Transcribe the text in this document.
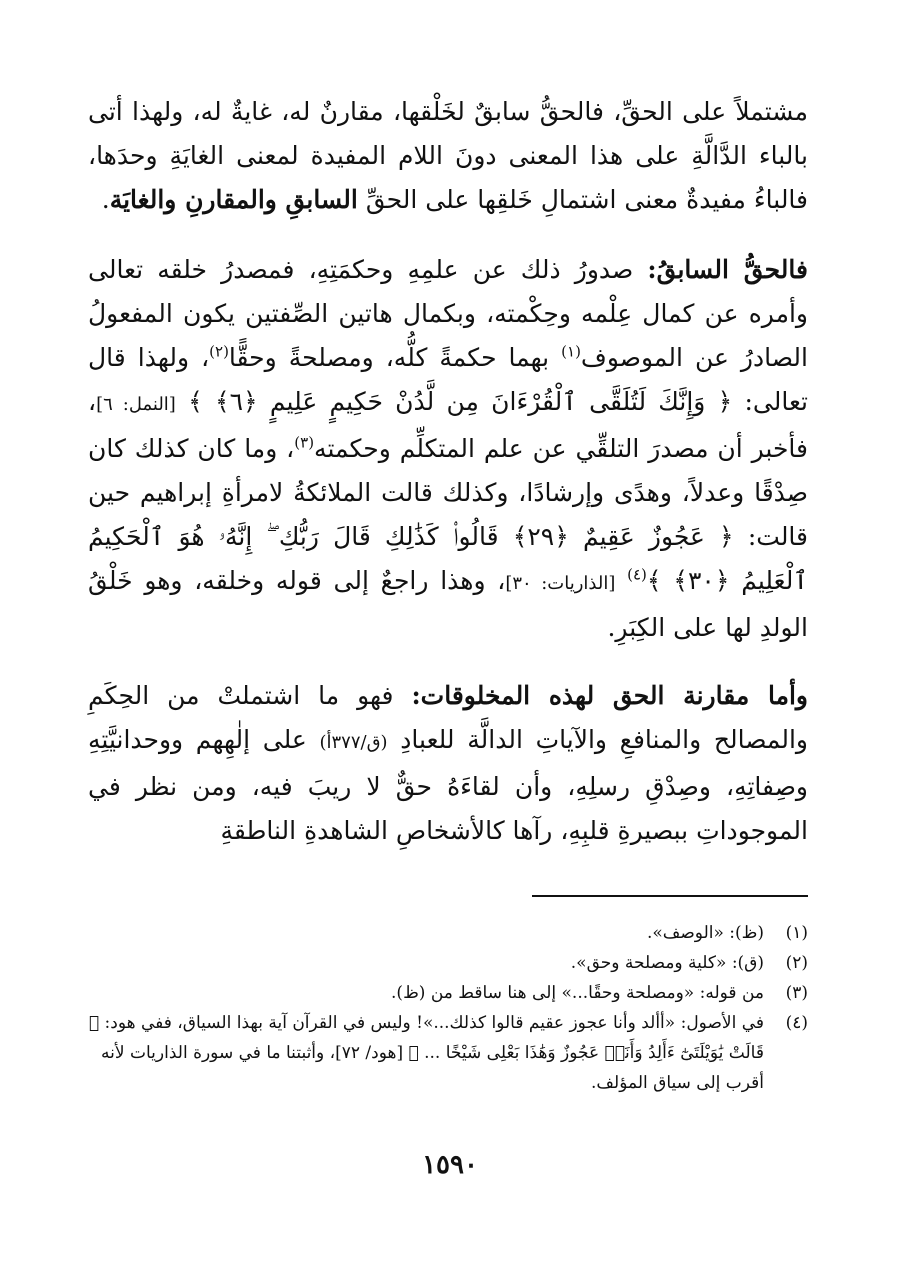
مشتملاً على الحقِّ، فالحقُّ سابقٌ لخَلْقها، مقارنٌ له، غايةٌ له، ولهذا أتى بالباء الدَّالَّةِ على هذا المعنى دونَ اللام المفيدة لمعنى الغايَةِ وحدَها، فالباءُ مفيدةٌ معنى اشتمالِ خَلقِها على الحقِّ السابقِ والمقارنِ والغايَة.

فالحقُّ السابقُ: صدورُ ذلك عن علمِهِ وحكمَتِهِ، فمصدرُ خلقه تعالى وأمره عن كمال عِلْمه وحِكْمته، وبكمال هاتين الصِّفتين يكون المفعولُ الصادرُ عن الموصوف$^{(١)}$ بهما حكمةً كلُّه، ومصلحةً وحقًّا$^{(٢)}$، ولهذا قال تعالى: ﴿ وَإِنَّكَ لَتُلَقَّى ٱلْقُرْءَانَ مِن لَّدُنْ حَكِيمٍ عَلِيمٍ ﴿٦﴾ ﴾ [النمل: ٦]، فأخبر أن مصدرَ التلقِّي عن علم المتكلِّم وحكمته$^{(٣)}$، وما كان كذلك كان صِدْقًا وعدلاً، وهدًى وإرشادًا، وكذلك قالت الملائكةُ لامرأةِ إبراهيم حين قالت: ﴿ عَجُوزٌ عَقِيمٌ ﴿٢٩﴾ قَالُوا۟ كَذَٰلِكِ قَالَ رَبُّكِ ۖ إِنَّهُۥ هُوَ ٱلْحَكِيمُ ٱلْعَلِيمُ ﴿٣٠﴾ ﴾$^{(٤)}$ [الذاريات: ٣٠]، وهذا راجعٌ إلى قوله وخلقه، وهو خَلْقُ الولدِ لها على الكِبَرِ.

وأما مقارنة الحق لهذه المخلوقات: فهو ما اشتملتْ من الحِكَمِ والمصالح والمنافعِ والآياتِ الدالَّة للعبادِ (ق/٣٧٧أ) على إلٰهِهم ووحدانيَّتِهِ وصِفاتِهِ، وصِدْقِ رسلِهِ، وأن لقاءَهُ حقٌّ لا ريبَ فيه، ومن نظر في الموجوداتِ ببصيرةِ قلبِهِ، رآها كالأشخاصِ الشاهدةِ الناطقةِ

(١)
(ظ): «الوصف».
(٢)
(ق): «كلية ومصلحة وحق».
(٣)
من قوله: «ومصلحة وحقًا...» إلى هنا ساقط من (ظ).
(٤)
في الأصول: «أألد وأنا عجوز عقيم قالوا كذلك...»! وليس في القرآن آية بهذا السياق، ففي هود: ﴿ قَالَتْ يَٰوَيْلَتَىٰٓ ءَأَلِدُ وَأَنَا۠ عَجُوزٌ وَهَٰذَا بَعْلِى شَيْخًا ... ﴾ [هود/ ٧٢]، وأثبتنا ما في سورة الذاريات لأنه أقرب إلى سياق المؤلف.
١٥٩٠
